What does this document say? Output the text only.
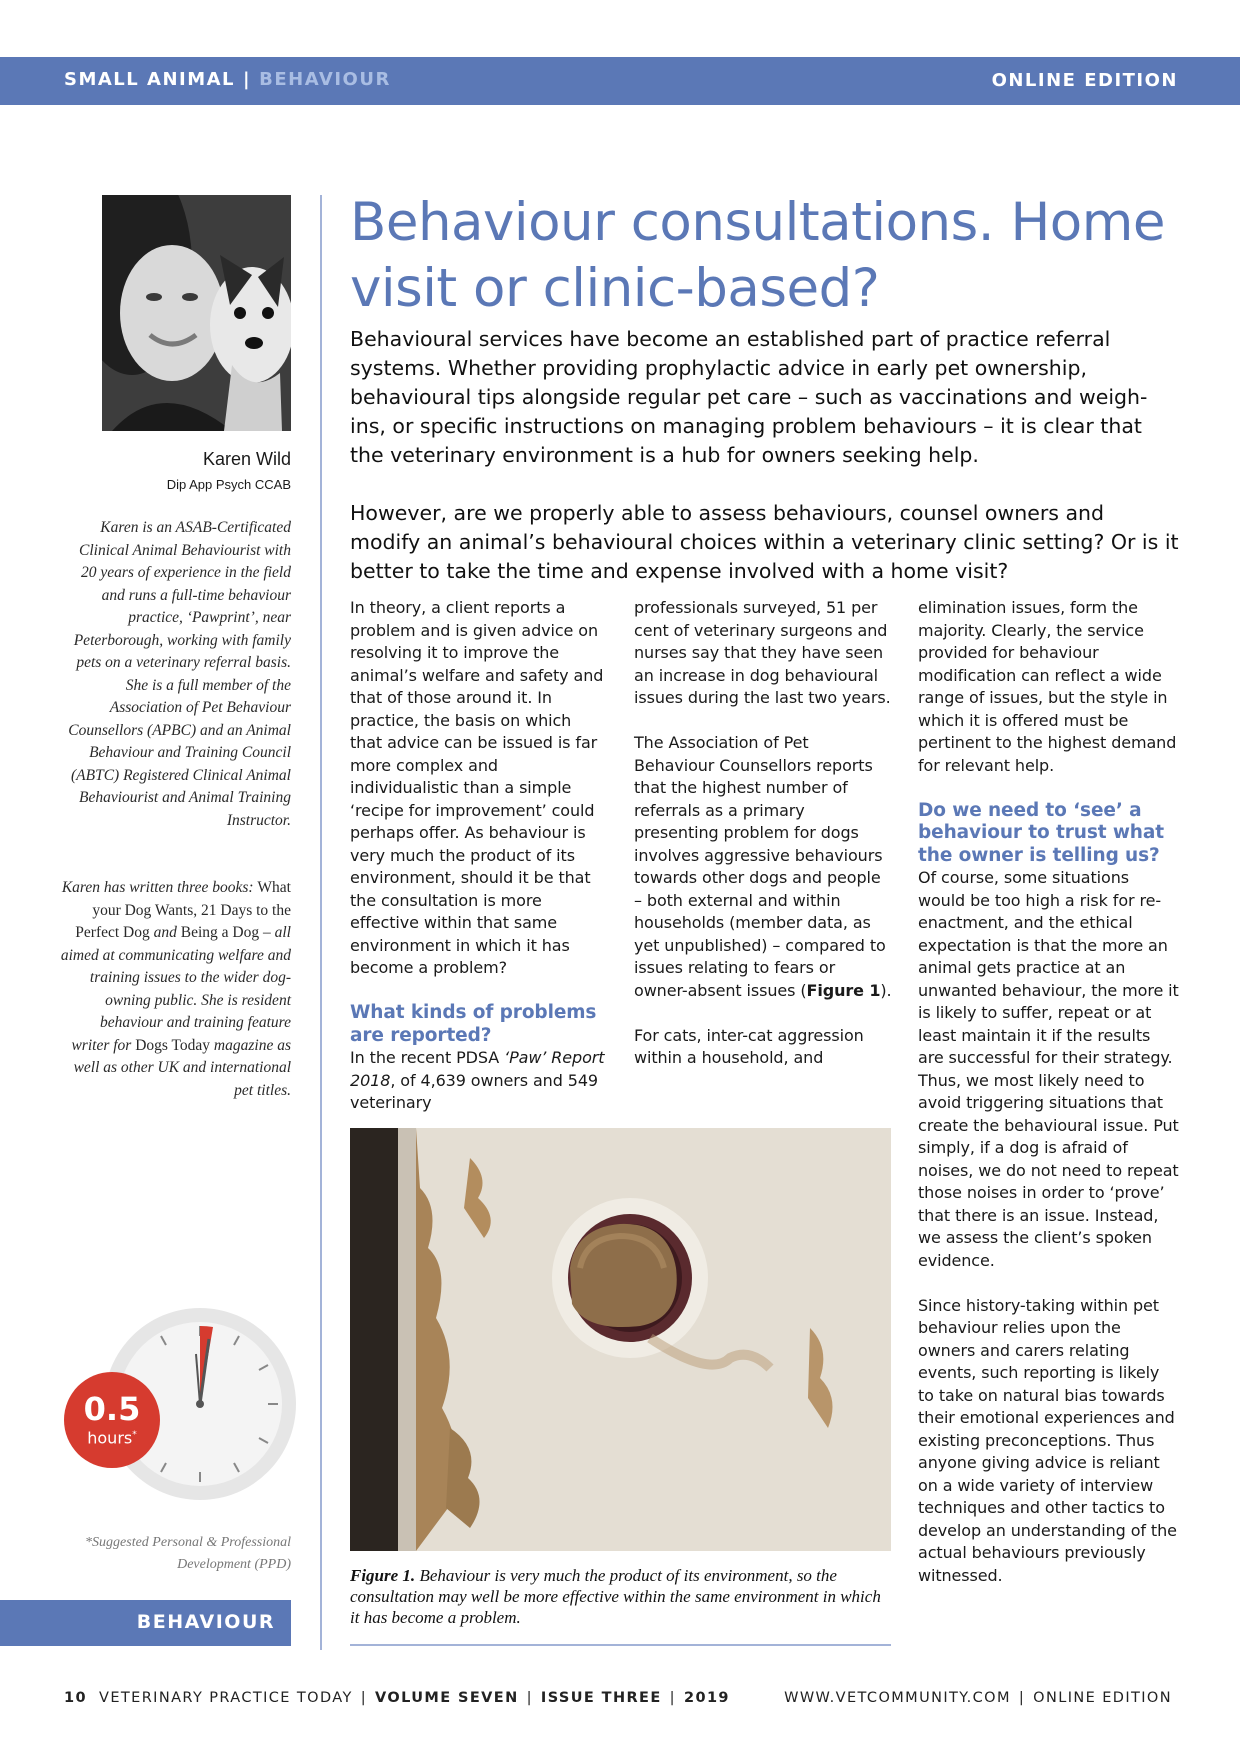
SMALL ANIMAL | BEHAVIOUR	ONLINE EDITION
Karen Wild
Dip App Psych CCAB
Karen is an ASAB-Certificated Clinical Animal Behaviourist with 20 years of experience in the field and runs a full-time behaviour practice, ‘Pawprint’, near Peterborough, working with family pets on a veterinary referral basis. She is a full member of the Association of Pet Behaviour Counsellors (APBC) and an Animal Behaviour and Training Council (ABTC) Registered Clinical Animal Behaviourist and Animal Training Instructor.
Karen has written three books: What your Dog Wants, 21 Days to the Perfect Dog and Being a Dog – all aimed at communicating welfare and training issues to the wider dog-owning public. She is resident behaviour and training feature writer for Dogs Today magazine as well as other UK and international pet titles.
0.5
hours*
*Suggested Personal & Professional Development (PPD)
BEHAVIOUR
Behaviour consultations. Home visit or clinic-based?
Behavioural services have become an established part of practice referral systems. Whether providing prophylactic advice in early pet ownership, behavioural tips alongside regular pet care – such as vaccinations and weigh-ins, or specific instructions on managing problem behaviours – it is clear that the veterinary environment is a hub for owners seeking help.
However, are we properly able to assess behaviours, counsel owners and modify an animal’s behavioural choices within a veterinary clinic setting? Or is it better to take the time and expense involved with a home visit?

In theory, a client reports a problem and is given advice on resolving it to improve the animal’s welfare and safety and that of those around it. In practice, the basis on which that advice can be issued is far more complex and individualistic than a simple ‘recipe for improvement’ could perhaps offer. As behaviour is very much the product of its environment, should it be that the consultation is more effective within that same environment in which it has become a problem?

What kinds of problems are reported?

In the recent PDSA ‘Paw’ Report 2018, of 4,639 owners and 549 veterinary

professionals surveyed, 51 per cent of veterinary surgeons and nurses say that they have seen an increase in dog behavioural issues during the last two years.

The Association of Pet Behaviour Counsellors reports that the highest number of referrals as a primary presenting problem for dogs involves aggressive behaviours towards other dogs and people – both external and within households (member data, as yet unpublished) – compared to issues relating to fears or owner-absent issues (Figure 1).

For cats, inter-cat aggression within a household, and

elimination issues, form the majority. Clearly, the service provided for behaviour modification can reflect a wide range of issues, but the style in which it is offered must be pertinent to the highest demand for relevant help.

Do we need to ‘see’ a behaviour to trust what the owner is telling us?

Of course, some situations would be too high a risk for re-enactment, and the ethical expectation is that the more an animal gets practice at an unwanted behaviour, the more it is likely to suffer, repeat or at least maintain it if the results are successful for their strategy. Thus, we most likely need to avoid triggering situations that create the behavioural issue. Put simply, if a dog is afraid of noises, we do not need to repeat those noises in order to ‘prove’ that there is an issue. Instead, we assess the client’s spoken evidence.

Since history-taking within pet behaviour relies upon the owners and carers relating events, such reporting is likely to take on natural bias towards their emotional experiences and existing preconceptions. Thus anyone giving advice is reliant on a wide variety of interview techniques and other tactics to develop an understanding of the actual behaviours previously witnessed.

Figure 1. Behaviour is very much the product of its environment, so the consultation may well be more effective within the same environment in which it has become a problem.
10 VETERINARY PRACTICE TODAY | VOLUME SEVEN | ISSUE THREE | 2019	WWW.VETCOMMUNITY.COM | ONLINE EDITION
